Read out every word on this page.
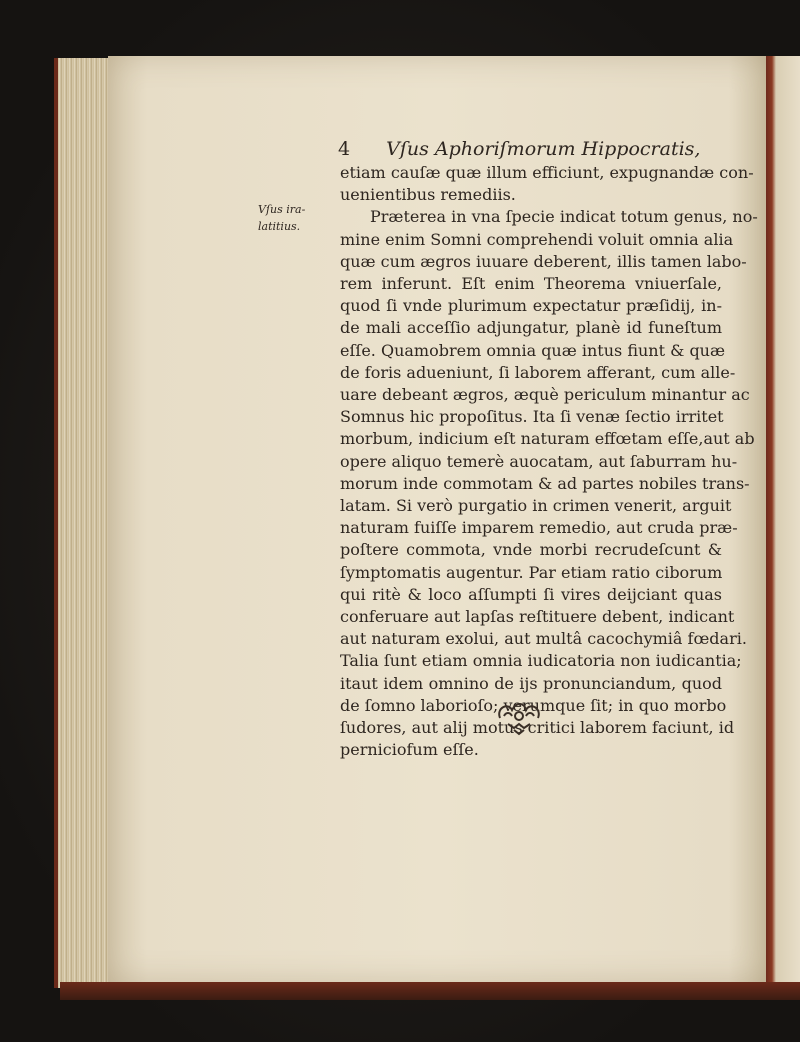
4 Vſus Aphoriſmorum Hippocratis,
Vſus ira-
latitius.
etiam cauſæ quæ illum efficiunt, expugnandæ con-
uenientibus remediis.
Præterea in vna ſpecie indicat totum genus, no-
mine enim Somni comprehendi voluit omnia alia
quæ cum ægros iuuare deberent, illis tamen labo-
rem inferunt. Eſt enim Theorema vniuerſale,
quod ſi vnde plurimum expectatur præſidij, in-
de mali acceſſio adjungatur, planè id funeſtum
eſſe. Quamobrem omnia quæ intus fiunt & quæ
de foris adueniunt, ſi laborem afferant, cum alle-
uare debeant ægros, æquè periculum minantur ac
Somnus hic propoſitus. Ita ſi venæ ſectio irritet
morbum, indicium eſt naturam effœtam eſſe,aut ab
opere aliquo temerè auocatam, aut ſaburram hu-
morum inde commotam & ad partes nobiles trans-
latam. Si verò purgatio in crimen venerit, arguit
naturam fuiſſe imparem remedio, aut cruda præ-
poſtere commota, vnde morbi recrudeſcunt &
ſymptomatis augentur. Par etiam ratio ciborum
qui ritè & loco aſſumpti ſi vires deijciant quas
conferuare aut lapſas reſtituere debent, indicant
aut naturam exolui, aut multâ cacochymiâ fœdari.
Talia ſunt etiam omnia iudicatoria non iudicantia;
itaut idem omnino de ijs pronunciandum, quod
de ſomno laborioſo; verumque ſit; in quo morbo
ſudores, aut alij motus critici laborem faciunt, id
perniciofum eſſe.
